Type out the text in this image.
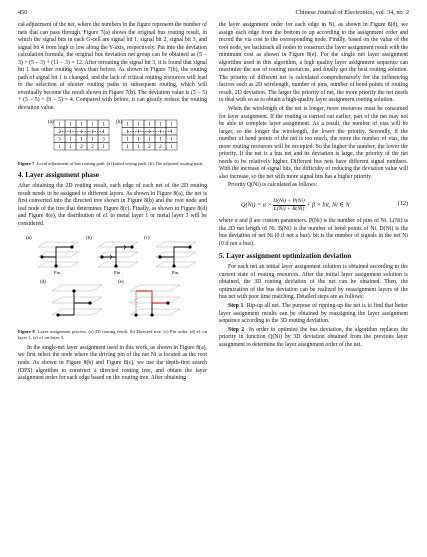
450	Chinese Journal of Electronics, vol. 34, no. 2

cal adjustment of the net, where the numbers in the figure represent the number of nets that can pass through. Figure 7(a) shows the original bus routing result, in which the signal bits in each G-cell are signal bit 1, signal bit 2, signal bit 3, and signal bit 4 from high to low along the Y-axis, respectively. Put into the deviation calculation formula, the original bus deviation net group can be obtained as (5 − 3) + (5 − 3) + (11 − 3) = 12. After rerouting the signal bit 3, it is found that signal bit 1 has other routing ways than before. As shown in Figure 7(b), the routing path of signal bit 1 is changed, and the lack of critical routing resources will lead to the selection of shorter routing paths in subsequent routing, which will eventually become the result shown in Figure 7(b). The deviation value is (5 − 5) + (5 − 5) + (9 − 5) = 4. Compared with before, it can greatly reduce the routing deviation value.

1 1 1 1 1
2 1 1 1 1
3 1 1 1 3
1 1 2 2 1
1 1 1 1 1
1 1 1 1 1
1 1 1 1 1
1 1 2 2 1
(a)	(b)

Figure 7 Local adjustment of bus routing path. (a) Initial wiring path. (b) The adjusted routing path.

4. Layer assignment phase

After obtaining the 2D routing result, each edge of each net of the 2D routing result needs to be assigned to different layers. As shown in Figure 8(a), the net is first converted into the directed tree shown in Figure 8(b) and the root node and leaf node of the tree that determines Figure 8(c). Finally, as shown in Figure 8(d) and Figure 8(e), the distribution of e1 to metal layer 1 or metal layer 3 will be considered.

(a)
Pin
(b)
Pin
(c)
Pin
(d)	(e)

Figure 8 Layer assignment process. (a) 2D routing result. (b) Directed tree. (c) Pin order. (d) e1 on layer 1. (e) e1 on layer 3.

In the single-net layer assignment used in this work, as shown in Figure 8(a), we first select the node where the driving pin of the net Ni is located as the root node. As shown in Figure 8(b) and Figure 8(c), we use the depth-first search (DFS) algorithm to construct a directed routing tree, and obtain the layer assignment order for each edge based on the routing tree. After obtaining

the layer assignment order for each edge in Ni, as shown in Figure 8(d), we assign each edge from the bottom to up according to the assignment order and record the via cost to the corresponding node. Finally, based on the value of the root node, we backtrack all nodes to construct the layer assignment result with the minimum cost as shown in Figure 8(e). For the single net layer assignment algorithm used in this algorithm, a high quality layer assignment sequence can maximize the use of routing resources, and finally get the best routing solution. The priority of different net is calculated comprehensively for the influencing factors such as 2D wirelength, number of pins, number of bend points of routing result, 2D deviation. The larger the priority of net, the more priority the net needs to deal with so as to obtain a high-quality layer assignment routing solution.

When the wirelength of the net is longer, more resources must be consumed for layer assignment. If the routing is carried out earlier, part of the net may not be able to complete layer assignment. As a result, the number of vias will be larger, so the longer the wirelength, the lower the priority. Secondly, if the number of bend points of the net is too much, the more the number of vias, the more routing resources will be occupied. So the higher the number, the lower the priority. If the net is a bus net and its deviation is large, the priority of the net needs to be relatively higher. Different bus nets have different signal numbers. With the increase of signal bits, the difficulty of reducing the deviation value will also increase, so the net with more signal bits has a higher priority.

Priority Q(Ni) is calculated as follows:

$Q(Ni) = \alpha \times \frac{D(Ni) + P(Ni)}{L(Ni) + B(Ni)} + \beta$ × bit, Ni ∈ N	(12)

where α and β are custom parameters. P(Ni) is the number of pins of Ni. L(Ni) is the 2D net length of Ni. B(Ni) is the number of bend points of Ni. D(Ni) is the bus deviation of net Ni (0 if not a bus). bit is the number of signals in the net Ni (0 if not a bus).

5. Layer assignment optimization deviation

For each net an initial layer assignment solution is obtained according to the current state of routing resources. After the initial layer assignment solution is obtained, the 3D routing deviation of the net can be obtained. Then, the optimization of the bus deviation can be realized by reassignment layers of the bus net with poor time matching. Detailed steps are as follows:

Step 1 Rip-up all net. The purpose of ripping-up the net is to find that better layer assignment results can be obtained by reassigning the layer assignment sequence according to the 3D routing deviation.

Step 2 In order to optimize the bus deviation, the algorithm replaces the priority in function Q(Ni) by 3D deviation obtained from the previous layer assignment to determine the layer assignment order of the net.
